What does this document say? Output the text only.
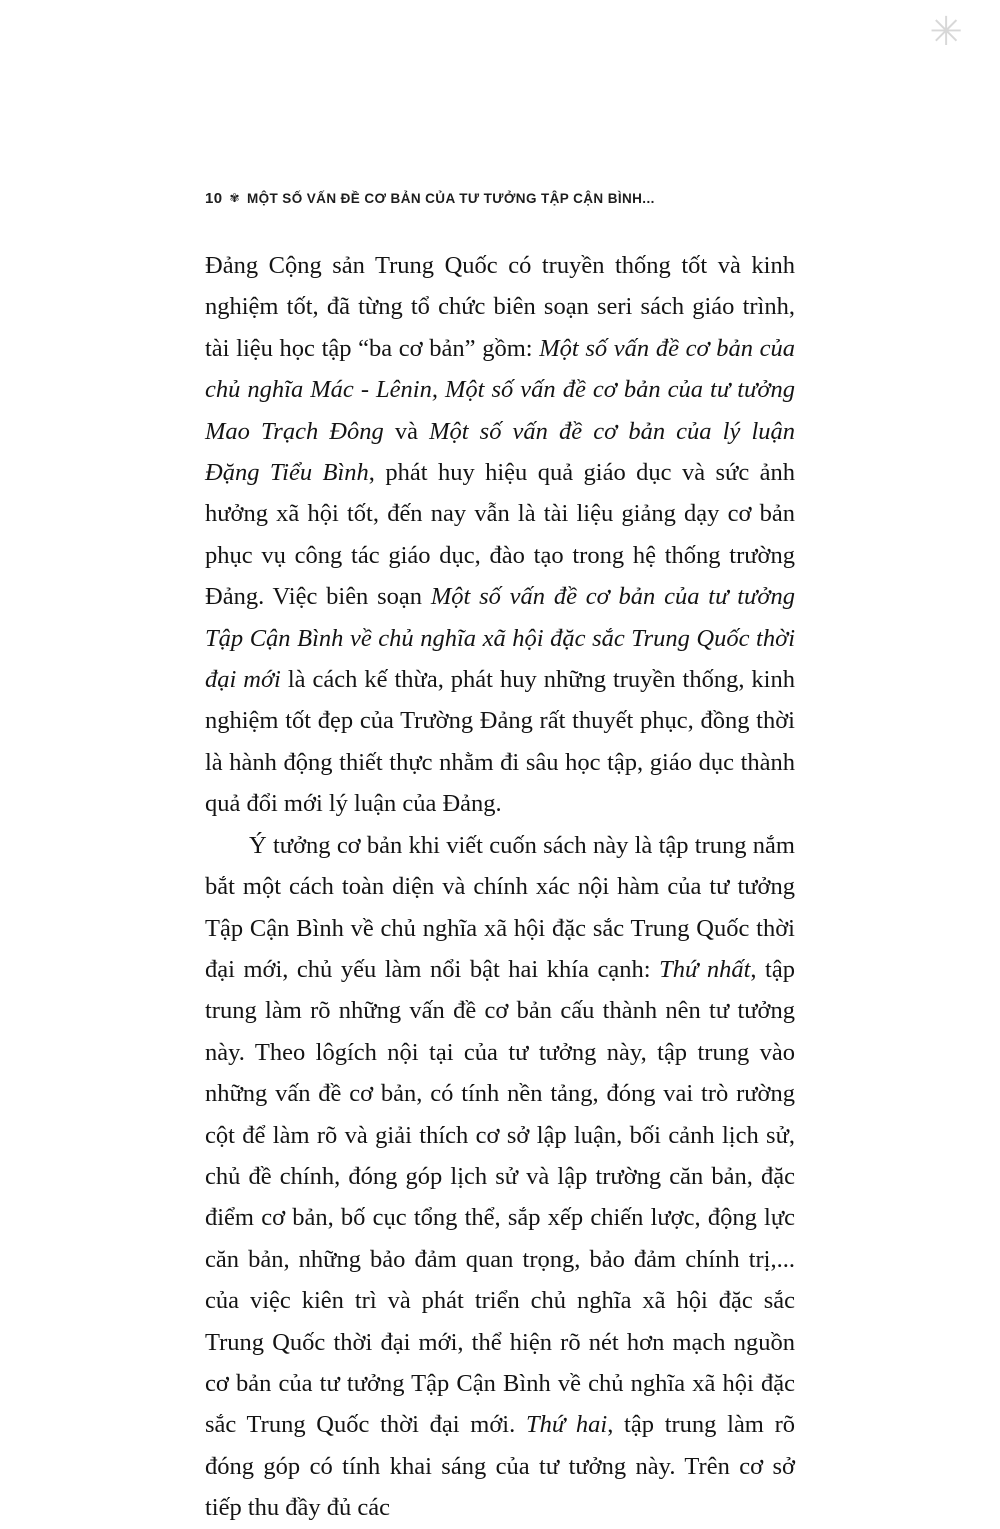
✳
10 ✾ MỘT SỐ VẤN ĐỀ CƠ BẢN CỦA TƯ TƯỞNG TẬP CẬN BÌNH...

Đảng Cộng sản Trung Quốc có truyền thống tốt và kinh nghiệm tốt, đã từng tổ chức biên soạn seri sách giáo trình, tài liệu học tập “ba cơ bản” gồm: Một số vấn đề cơ bản của chủ nghĩa Mác - Lênin, Một số vấn đề cơ bản của tư tưởng Mao Trạch Đông và Một số vấn đề cơ bản của lý luận Đặng Tiểu Bình, phát huy hiệu quả giáo dục và sức ảnh hưởng xã hội tốt, đến nay vẫn là tài liệu giảng dạy cơ bản phục vụ công tác giáo dục, đào tạo trong hệ thống trường Đảng. Việc biên soạn Một số vấn đề cơ bản của tư tưởng Tập Cận Bình về chủ nghĩa xã hội đặc sắc Trung Quốc thời đại mới là cách kế thừa, phát huy những truyền thống, kinh nghiệm tốt đẹp của Trường Đảng rất thuyết phục, đồng thời là hành động thiết thực nhằm đi sâu học tập, giáo dục thành quả đổi mới lý luận của Đảng.

Ý tưởng cơ bản khi viết cuốn sách này là tập trung nắm bắt một cách toàn diện và chính xác nội hàm của tư tưởng Tập Cận Bình về chủ nghĩa xã hội đặc sắc Trung Quốc thời đại mới, chủ yếu làm nổi bật hai khía cạnh: Thứ nhất, tập trung làm rõ những vấn đề cơ bản cấu thành nên tư tưởng này. Theo lôgích nội tại của tư tưởng này, tập trung vào những vấn đề cơ bản, có tính nền tảng, đóng vai trò rường cột để làm rõ và giải thích cơ sở lập luận, bối cảnh lịch sử, chủ đề chính, đóng góp lịch sử và lập trường căn bản, đặc điểm cơ bản, bố cục tổng thể, sắp xếp chiến lược, động lực căn bản, những bảo đảm quan trọng, bảo đảm chính trị,... của việc kiên trì và phát triển chủ nghĩa xã hội đặc sắc Trung Quốc thời đại mới, thể hiện rõ nét hơn mạch nguồn cơ bản của tư tưởng Tập Cận Bình về chủ nghĩa xã hội đặc sắc Trung Quốc thời đại mới. Thứ hai, tập trung làm rõ đóng góp có tính khai sáng của tư tưởng này. Trên cơ sở tiếp thu đầy đủ các
